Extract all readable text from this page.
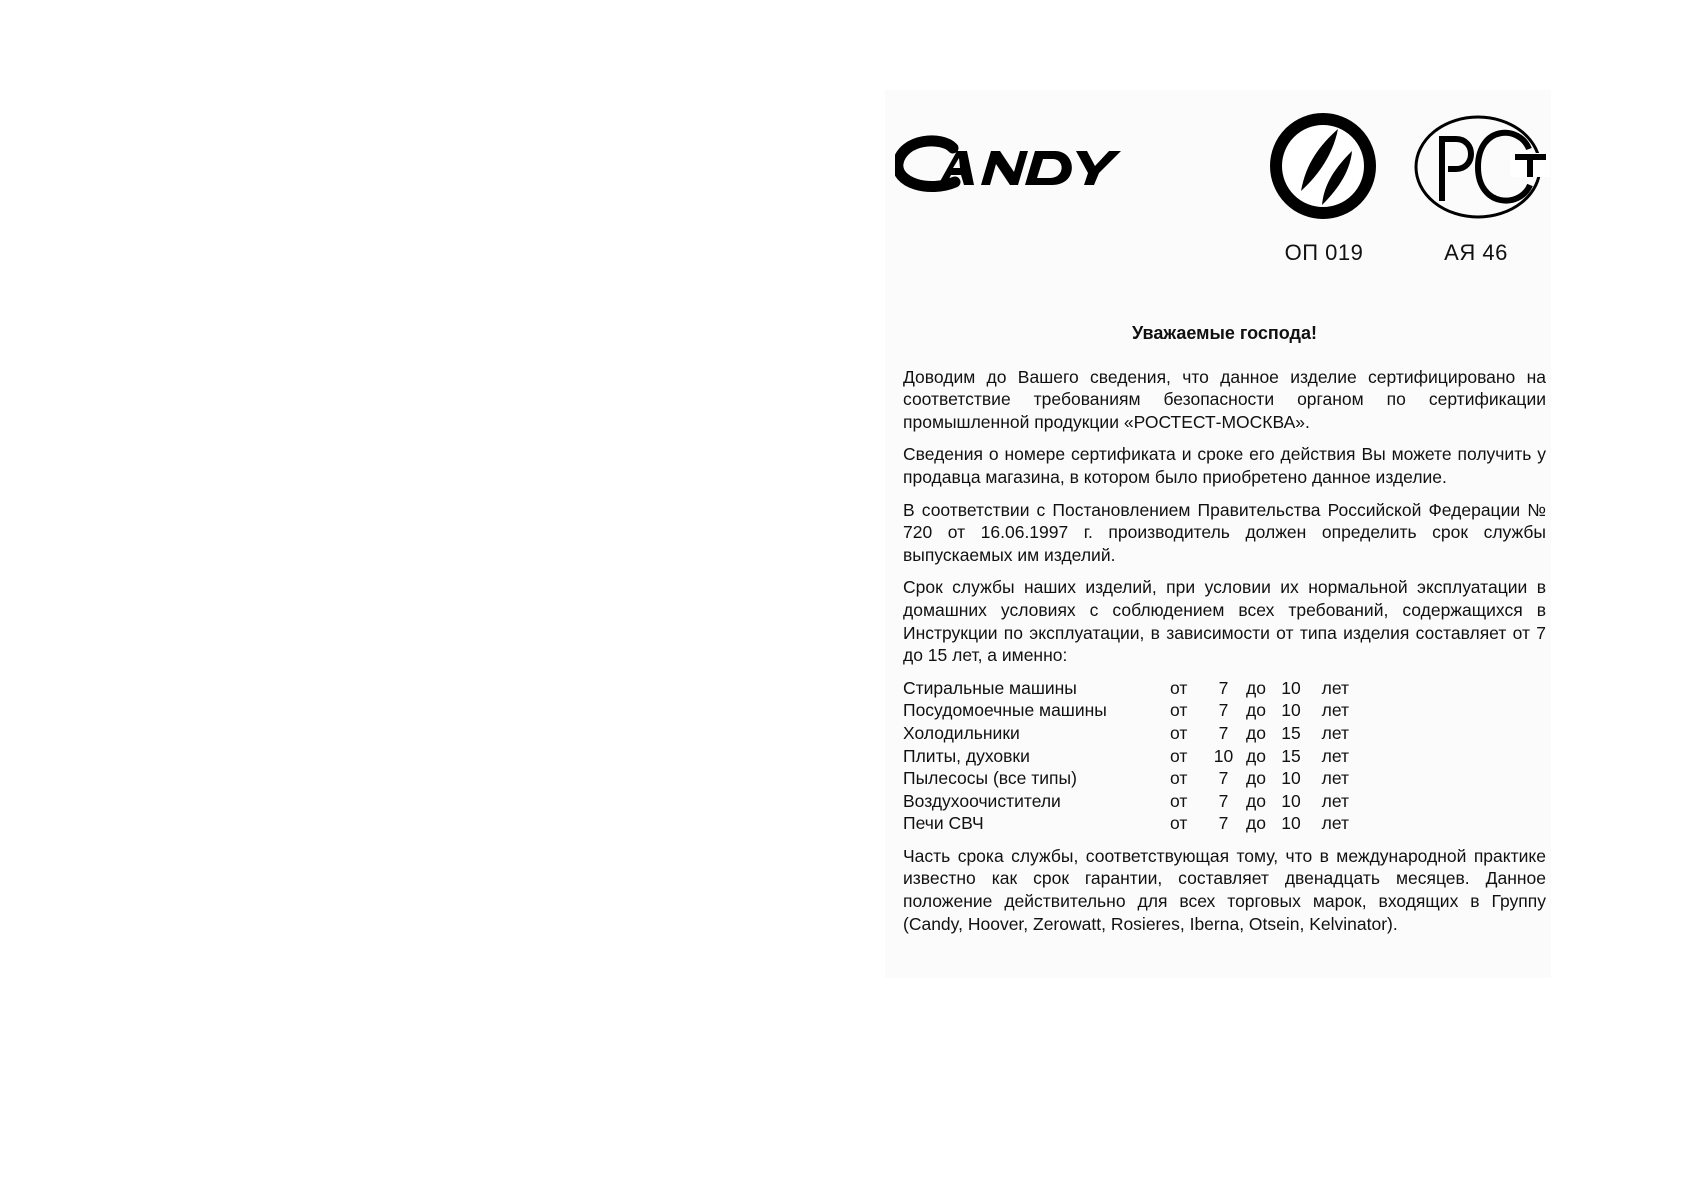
ОП 019	АЯ 46
Уважаемые господа!

Доводим до Вашего сведения, что данное изделие сертифицировано на соответствие требованиям безопасности органом по сертификации промышленной продукции «РОСТЕСТ-МОСКВА».

Сведения о номере сертификата и сроке его действия Вы можете получить у продавца магазина, в котором было приобретено данное изделие.

В соответствии с Постановлением Правительства Российской Федерации № 720 от 16.06.1997 г. производитель должен определить срок службы выпускаемых им изделий.

Срок службы наших изделий, при условии их нормальной эксплуатации в домашних условиях с соблюдением всех требований, содержащихся в Инструкции по эксплуатации, в зависимости от типа изделия составляет от 7 до 15 лет, а именно:

Стиральные машины	от	7	до 10	лет
Посудомоечные машины	от	7	до 10	лет
Холодильники	от	7	до 15	лет
Плиты, духовки	от	10 до 15	лет
Пылесосы (все типы)	от	7	до 10	лет
Воздухоочистители	от	7	до 10	лет
Печи СВЧ	от	7	до 10	лет

Часть срока службы, соответствующая тому, что в международной практике известно как срок гарантии, составляет двенадцать месяцев. Данное положение действительно для всех торговых марок, входящих в Группу (Candy, Hoover, Zerowatt, Rosieres, Iberna, Otsein, Kelvinator).
